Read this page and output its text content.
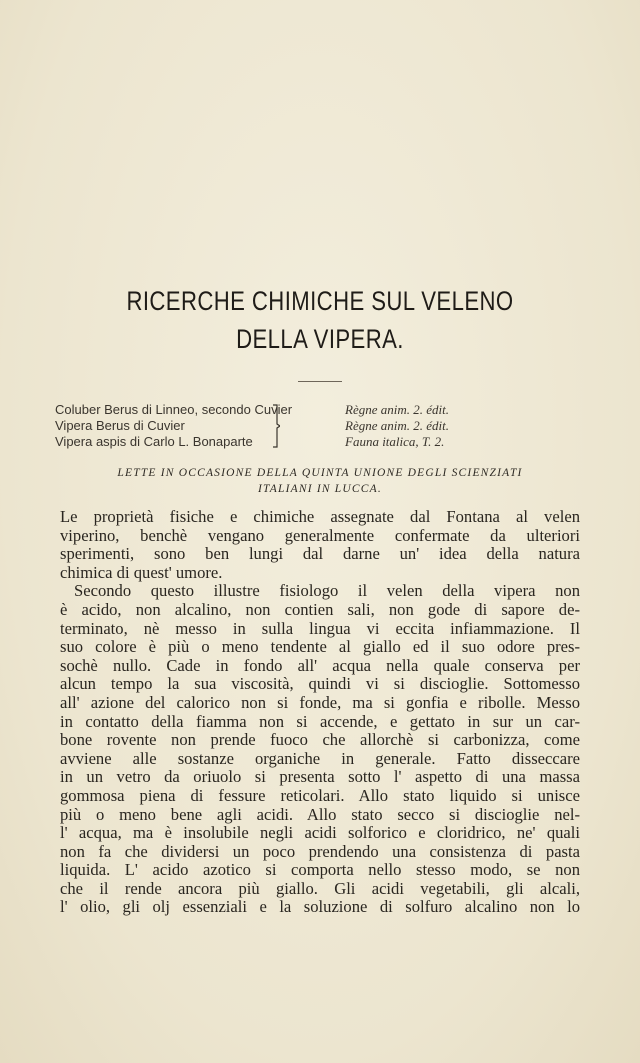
RICERCHE CHIMICHE SUL VELENO
DELLA VIPERA.
Coluber Berus di Linneo, secondo Cuvier	Règne anim. 2. édit.
Vipera Berus di Cuvier	Règne anim. 2. édit.
Vipera aspis di Carlo L. Bonaparte	Fauna italica, T. 2.
LETTE IN OCCASIONE DELLA QUINTA UNIONE DEGLI SCIENZIATI
ITALIANI IN LUCCA.
Le proprietà fisiche e chimiche assegnate dal Fontana al velen
viperino, benchè vengano generalmente confermate da ulteriori
sperimenti, sono ben lungi dal darne un' idea della natura
chimica di quest' umore.
Secondo questo illustre fisiologo il velen della vipera non
è acido, non alcalino, non contien sali, non gode di sapore de-
terminato, nè messo in sulla lingua vi eccita infiammazione. Il
suo colore è più o meno tendente al giallo ed il suo odore pres-
sochè nullo. Cade in fondo all' acqua nella quale conserva per
alcun tempo la sua viscosità, quindi vi si discioglie. Sottomesso
all' azione del calorico non si fonde, ma si gonfia e ribolle. Messo
in contatto della fiamma non si accende, e gettato in sur un car-
bone rovente non prende fuoco che allorchè si carbonizza, come
avviene alle sostanze organiche in generale. Fatto disseccare
in un vetro da oriuolo si presenta sotto l' aspetto di una massa
gommosa piena di fessure reticolari. Allo stato liquido si unisce
più o meno bene agli acidi. Allo stato secco si discioglie nel-
l' acqua, ma è insolubile negli acidi solforico e cloridrico, ne' quali
non fa che dividersi un poco prendendo una consistenza di pasta
liquida. L' acido azotico si comporta nello stesso modo, se non
che il rende ancora più giallo. Gli acidi vegetabili, gli alcali,
l' olio, gli olj essenziali e la soluzione di solfuro alcalino non lo
